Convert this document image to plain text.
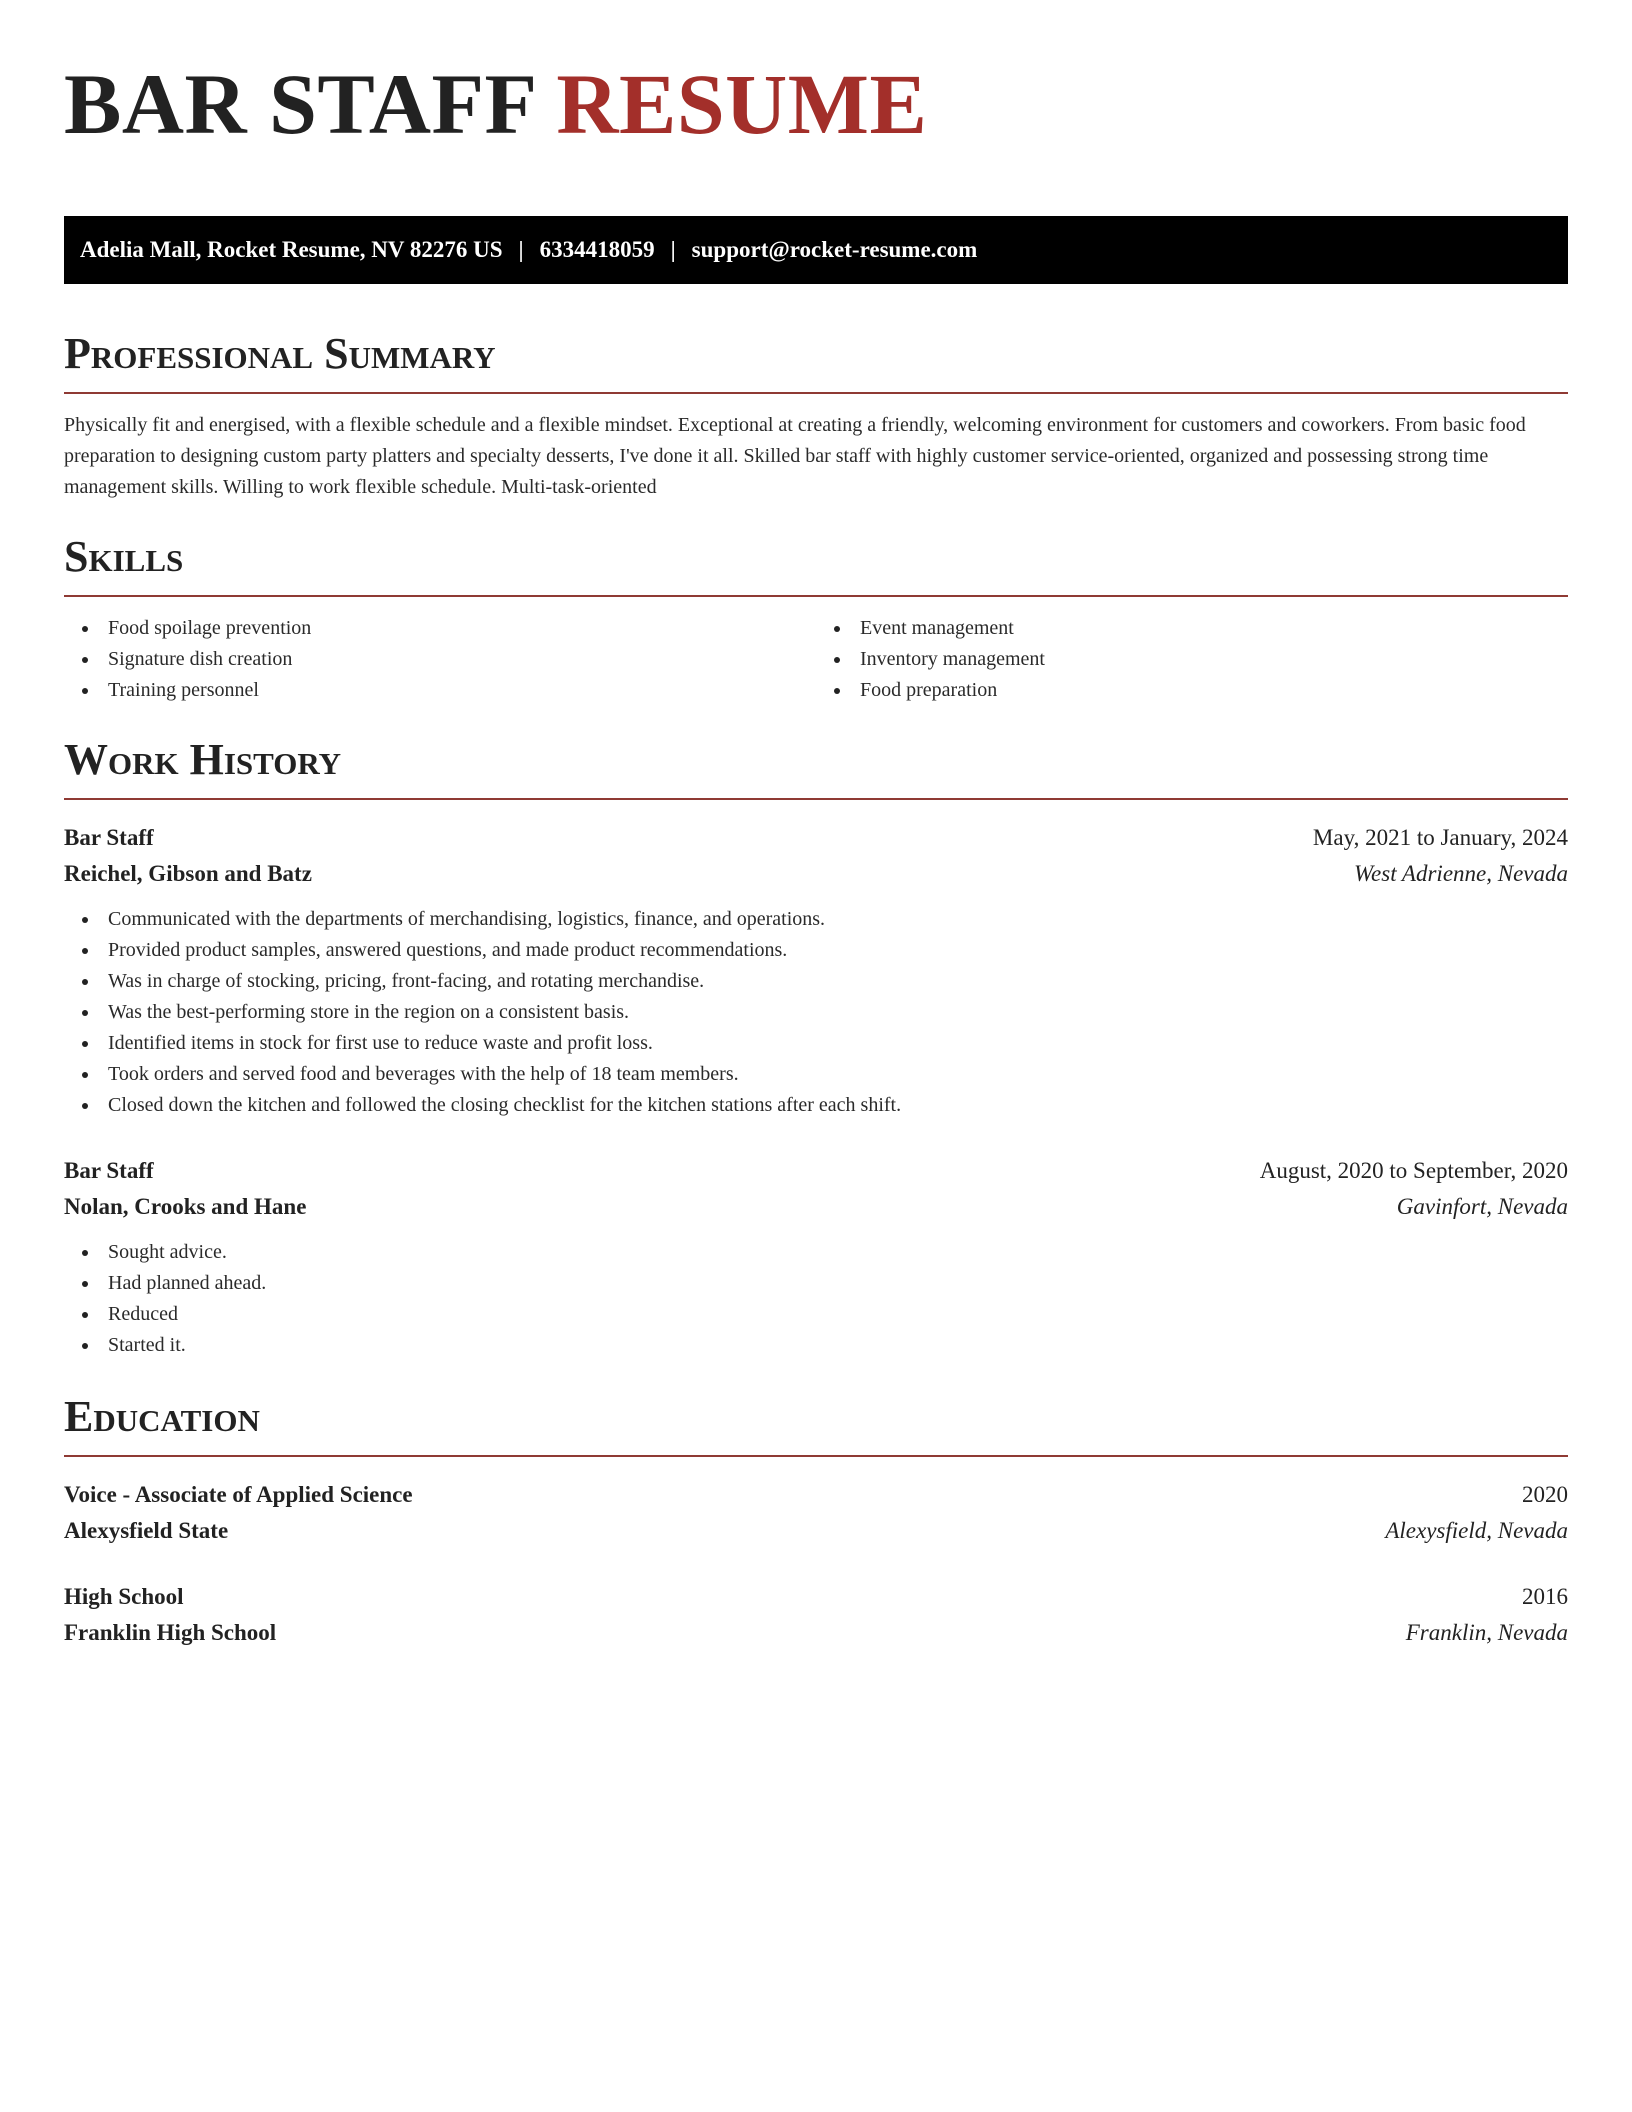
BAR STAFF RESUME
Adelia Mall, Rocket Resume, NV 82276 US | 6334418059 | support@rocket-resume.com
Professional Summary

Physically fit and energised, with a flexible schedule and a flexible mindset. Exceptional at creating a friendly, welcoming environment for customers and coworkers. From basic food preparation to designing custom party platters and specialty desserts, I've done it all. Skilled bar staff with highly customer service-oriented, organized and possessing strong time management skills. Willing to work flexible schedule. Multi-task-oriented

Skills
Food spoilage prevention
Signature dish creation
Training personnel
Event management
Inventory management
Food preparation
Work History
Bar Staff	May, 2021 to January, 2024
Reichel, Gibson and Batz	West Adrienne, Nevada
Communicated with the departments of merchandising, logistics, finance, and operations.
Provided product samples, answered questions, and made product recommendations.
Was in charge of stocking, pricing, front-facing, and rotating merchandise.
Was the best-performing store in the region on a consistent basis.
Identified items in stock for first use to reduce waste and profit loss.
Took orders and served food and beverages with the help of 18 team members.
Closed down the kitchen and followed the closing checklist for the kitchen stations after each shift.
Bar Staff	August, 2020 to September, 2020
Nolan, Crooks and Hane	Gavinfort, Nevada
Sought advice.
Had planned ahead.
Reduced
Started it.
Education
Voice - Associate of Applied Science	2020
Alexysfield State	Alexysfield, Nevada
High School	2016
Franklin High School	Franklin, Nevada
